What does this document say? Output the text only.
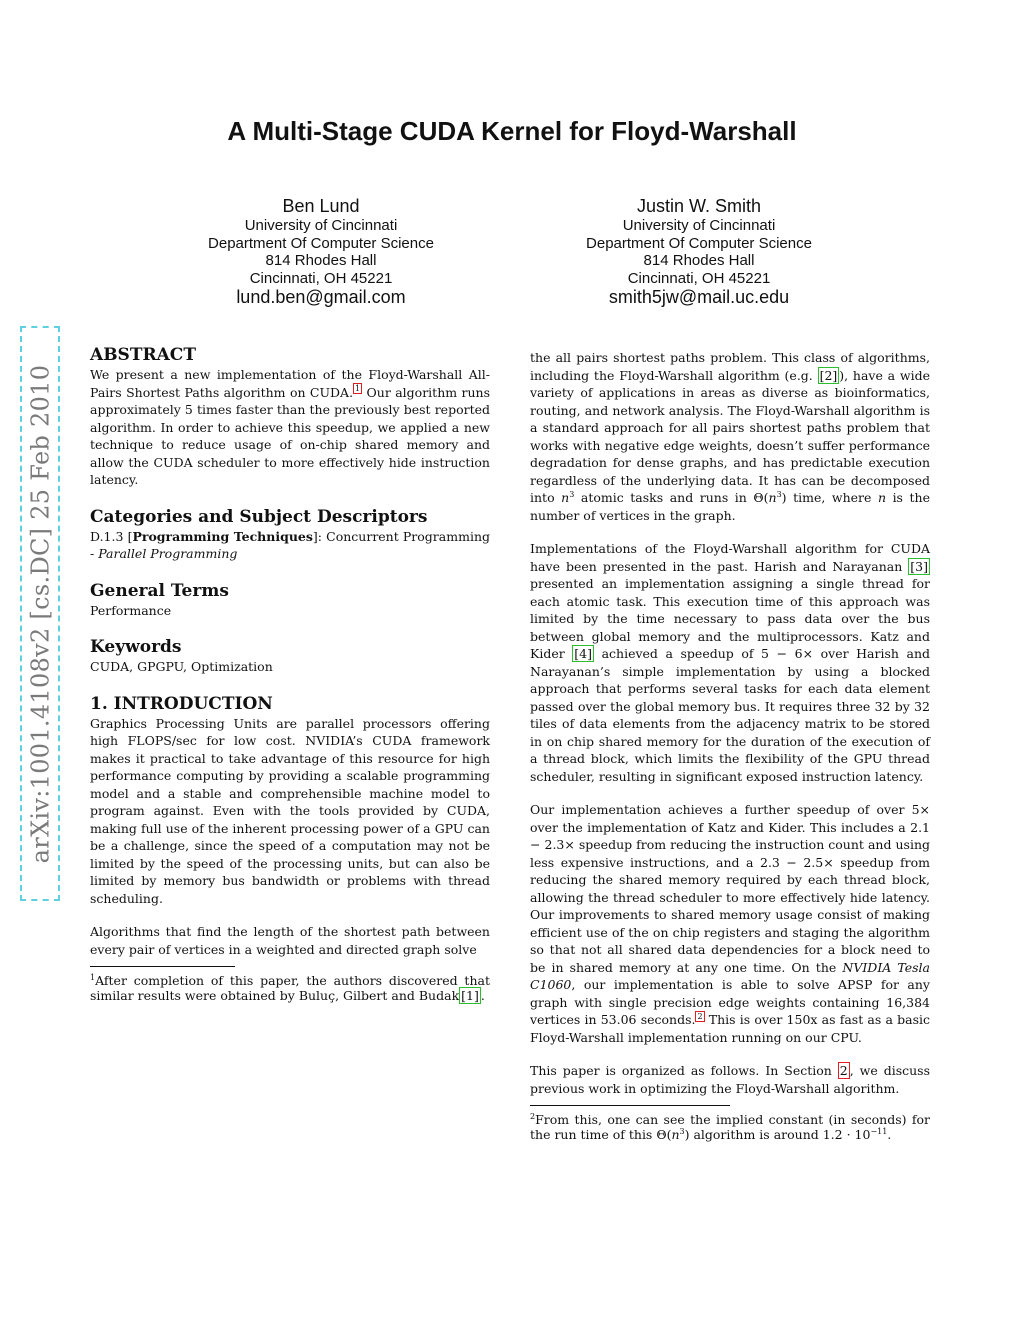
A Multi-Stage CUDA Kernel for Floyd-Warshall
Ben Lund
University of Cincinnati
Department Of Computer Science
814 Rhodes Hall
Cincinnati, OH 45221
lund.ben@gmail.com
Justin W. Smith
University of Cincinnati
Department Of Computer Science
814 Rhodes Hall
Cincinnati, OH 45221
smith5jw@mail.uc.edu
arXiv:1001.4108v2 [cs.DC] 25 Feb 2010
ABSTRACT

We present a new implementation of the Floyd-Warshall All-Pairs Shortest Paths algorithm on CUDA. $^1$ Our algorithm runs approximately 5 times faster than the previously best reported algorithm. In order to achieve this speedup, we applied a new technique to reduce usage of on-chip shared memory and allow the CUDA scheduler to more effectively hide instruction latency.

Categories and Subject Descriptors

D.1.3 [Programming Techniques]: Concurrent Programming - Parallel Programming

General Terms

Performance

Keywords

CUDA, GPGPU, Optimization

1. INTRODUCTION

Graphics Processing Units are parallel processors offering high FLOPS/sec for low cost. NVIDIA’s CUDA framework makes it practical to take advantage of this resource for high performance computing by providing a scalable programming model and a stable and comprehensible machine model to program against. Even with the tools provided by CUDA, making full use of the inherent processing power of a GPU can be a challenge, since the speed of a computation may not be limited by the speed of the processing units, but can also be limited by memory bus bandwidth or problems with thread scheduling.

Algorithms that find the length of the shortest path between every pair of vertices in a weighted and directed graph solve

$^1$After completion of this paper, the authors discovered that similar results were obtained by Buluç, Gilbert and Budak [1] .

the all pairs shortest paths problem. This class of algorithms, including the Floyd-Warshall algorithm (e.g. [2] ), have a wide variety of applications in areas as diverse as bioinformatics, routing, and network analysis. The Floyd-Warshall algorithm is a standard approach for all pairs shortest paths problem that works with negative edge weights, doesn’t suffer performance degradation for dense graphs, and has predictable execution regardless of the underlying data. It has can be decomposed into $n^3$ atomic tasks and runs in $\Theta(n^3)$ time, where n is the number of vertices in the graph.

Implementations of the Floyd-Warshall algorithm for CUDA have been presented in the past. Harish and Narayanan [3] presented an implementation assigning a single thread for each atomic task. This execution time of this approach was limited by the time necessary to pass data over the bus between global memory and the multiprocessors. Katz and Kider [4] achieved a speedup of 5 − 6× over Harish and Narayanan’s simple implementation by using a blocked approach that performs several tasks for each data element passed over the global memory bus. It requires three 32 by 32 tiles of data elements from the adjacency matrix to be stored in on chip shared memory for the duration of the execution of a thread block, which limits the flexibility of the GPU thread scheduler, resulting in significant exposed instruction latency.

Our implementation achieves a further speedup of over 5× over the implementation of Katz and Kider. This includes a 2.1 − 2.3× speedup from reducing the instruction count and using less expensive instructions, and a 2.3 − 2.5× speedup from reducing the shared memory required by each thread block, allowing the thread scheduler to more effectively hide latency. Our improvements to shared memory usage consist of making efficient use of the on chip registers and staging the algorithm so that not all shared data dependencies for a block need to be in shared memory at any one time. On the NVIDIA Tesla C1060, our implementation is able to solve APSP for any graph with single precision edge weights containing 16,384 vertices in 53.06 seconds. $^2$ This is over 150x as fast as a basic Floyd-Warshall implementation running on our CPU.

This paper is organized as follows. In Section 2 , we discuss previous work in optimizing the Floyd-Warshall algorithm.

$^2$From this, one can see the implied constant (in seconds) for the run time of this $\Theta(n^3)$ algorithm is around $1.2 \cdot 10^{-11}$.
